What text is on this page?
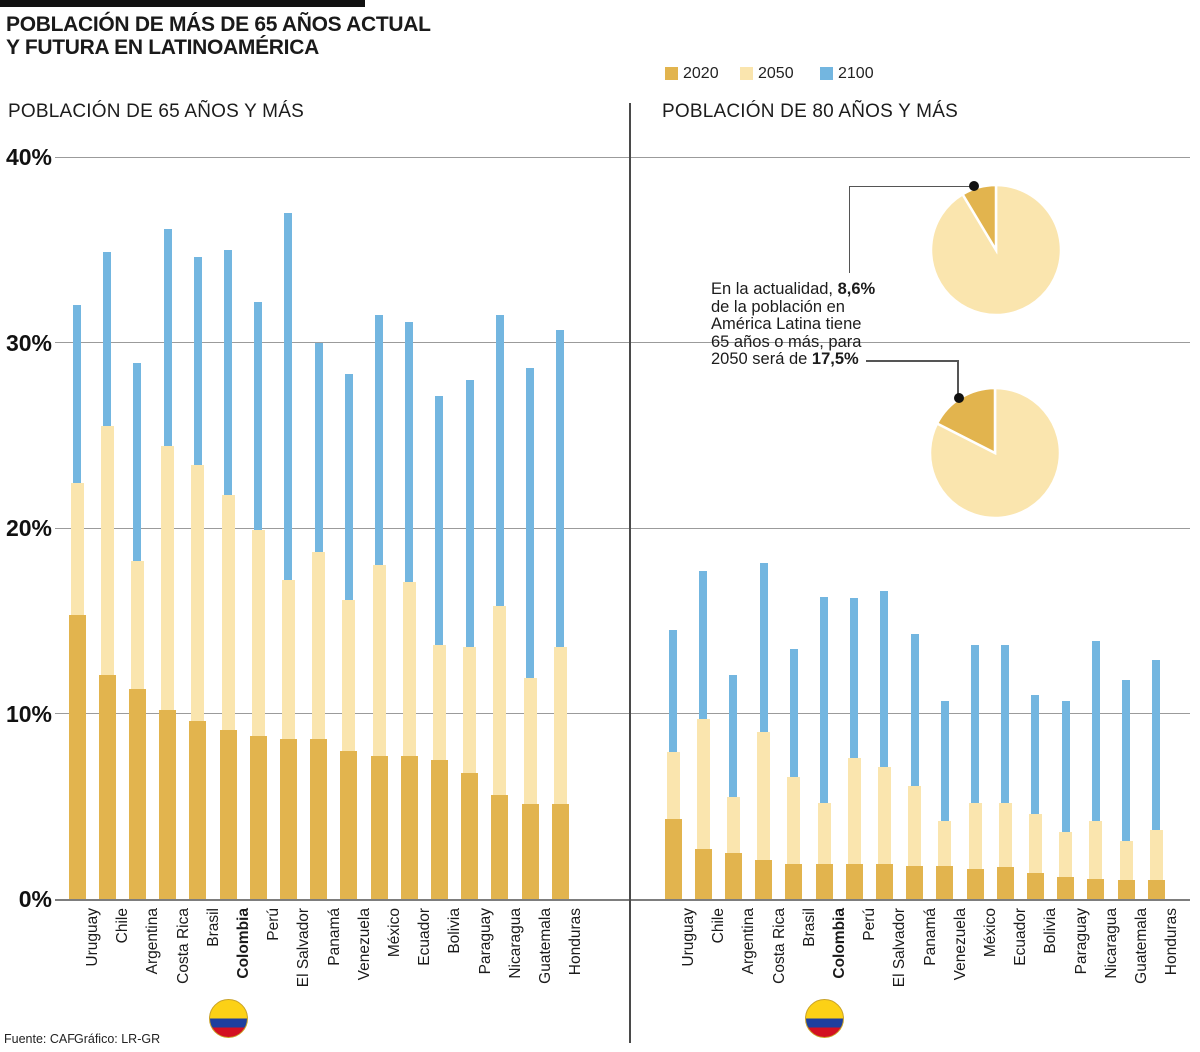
POBLACIÓN DE MÁS DE 65 AÑOS ACTUAL
Y FUTURA EN LATINOAMÉRICA
POBLACIÓN DE 65 AÑOS Y MÁS	POBLACIÓN DE 80 AÑOS Y MÁS
2020 2050	2100
0%
10%
20%
30%
40%
Uruguay Chile Argentina Costa Rica Brasil Colombia Perú El Salvador Panamá Venezuela México Ecuador Bolivia Paraguay Nicaragua Guatemala Honduras	Uruguay Chile Argentina Costa Rica Brasil Colombia Perú El Salvador Panamá Venezuela México Ecuador Bolivia Paraguay Nicaragua Guatemala Honduras
En la actualidad, 8,6%
de la población en
América Latina tiene
65 años o más, para
2050 será de 17,5%
Fuente: CAF Gráfico: LR-GR
